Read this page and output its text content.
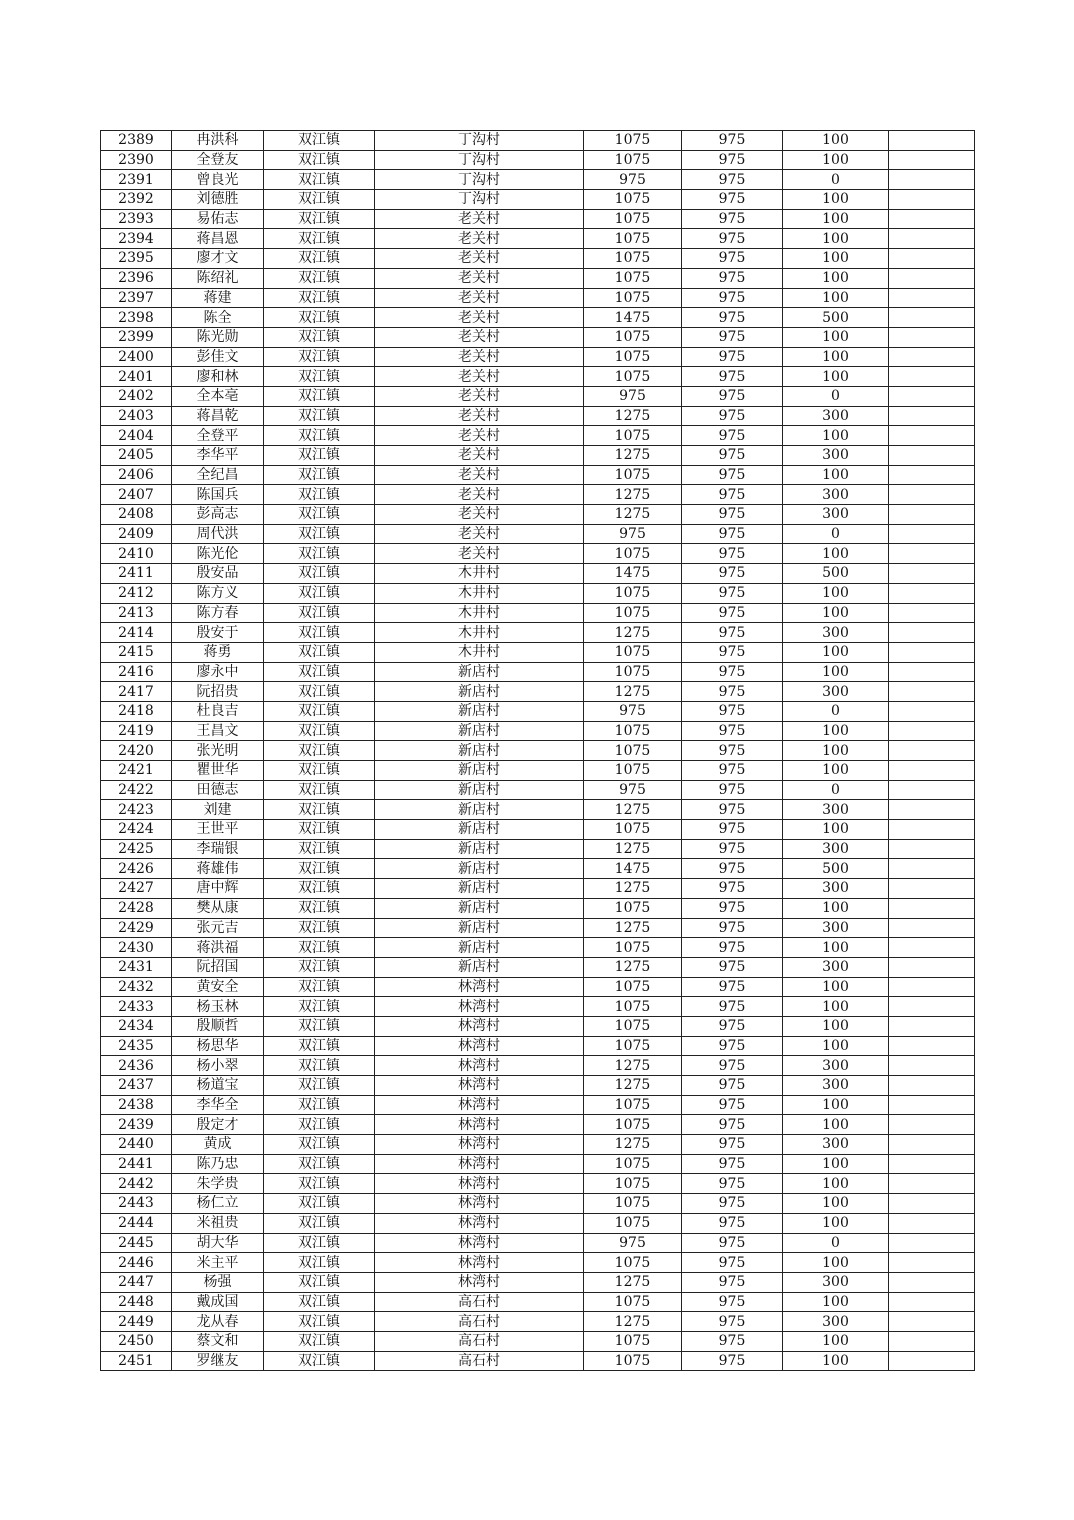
2389	冉洪科	双江镇	丁沟村	1075	975	100	
2390	全登友	双江镇	丁沟村	1075	975	100	
2391	曾良光	双江镇	丁沟村	975	975	0	
2392	刘德胜	双江镇	丁沟村	1075	975	100	
2393	易佑志	双江镇	老关村	1075	975	100	
2394	蒋昌恩	双江镇	老关村	1075	975	100	
2395	廖才文	双江镇	老关村	1075	975	100	
2396	陈绍礼	双江镇	老关村	1075	975	100	
2397	蒋建	双江镇	老关村	1075	975	100	
2398	陈全	双江镇	老关村	1475	975	500	
2399	陈光勋	双江镇	老关村	1075	975	100	
2400	彭佳文	双江镇	老关村	1075	975	100	
2401	廖和林	双江镇	老关村	1075	975	100	
2402	全本亳	双江镇	老关村	975	975	0	
2403	蒋昌乾	双江镇	老关村	1275	975	300	
2404	全登平	双江镇	老关村	1075	975	100	
2405	李华平	双江镇	老关村	1275	975	300	
2406	全纪昌	双江镇	老关村	1075	975	100	
2407	陈国兵	双江镇	老关村	1275	975	300	
2408	彭高志	双江镇	老关村	1275	975	300	
2409	周代洪	双江镇	老关村	975	975	0	
2410	陈光伦	双江镇	老关村	1075	975	100	
2411	殷安品	双江镇	木井村	1475	975	500	
2412	陈方义	双江镇	木井村	1075	975	100	
2413	陈方春	双江镇	木井村	1075	975	100	
2414	殷安于	双江镇	木井村	1275	975	300	
2415	蒋勇	双江镇	木井村	1075	975	100	
2416	廖永中	双江镇	新店村	1075	975	100	
2417	阮招贵	双江镇	新店村	1275	975	300	
2418	杜良吉	双江镇	新店村	975	975	0	
2419	王昌文	双江镇	新店村	1075	975	100	
2420	张光明	双江镇	新店村	1075	975	100	
2421	瞿世华	双江镇	新店村	1075	975	100	
2422	田德志	双江镇	新店村	975	975	0	
2423	刘建	双江镇	新店村	1275	975	300	
2424	王世平	双江镇	新店村	1075	975	100	
2425	李瑞银	双江镇	新店村	1275	975	300	
2426	蒋雄伟	双江镇	新店村	1475	975	500	
2427	唐中辉	双江镇	新店村	1275	975	300	
2428	樊从康	双江镇	新店村	1075	975	100	
2429	张元吉	双江镇	新店村	1275	975	300	
2430	蒋洪福	双江镇	新店村	1075	975	100	
2431	阮招国	双江镇	新店村	1275	975	300	
2432	黄安全	双江镇	林湾村	1075	975	100	
2433	杨玉林	双江镇	林湾村	1075	975	100	
2434	殷顺哲	双江镇	林湾村	1075	975	100	
2435	杨思华	双江镇	林湾村	1075	975	100	
2436	杨小翠	双江镇	林湾村	1275	975	300	
2437	杨道宝	双江镇	林湾村	1275	975	300	
2438	李华全	双江镇	林湾村	1075	975	100	
2439	殷定才	双江镇	林湾村	1075	975	100	
2440	黄成	双江镇	林湾村	1275	975	300	
2441	陈乃忠	双江镇	林湾村	1075	975	100	
2442	朱学贵	双江镇	林湾村	1075	975	100	
2443	杨仁立	双江镇	林湾村	1075	975	100	
2444	米祖贵	双江镇	林湾村	1075	975	100	
2445	胡大华	双江镇	林湾村	975	975	0	
2446	米主平	双江镇	林湾村	1075	975	100	
2447	杨强	双江镇	林湾村	1275	975	300	
2448	戴成国	双江镇	高石村	1075	975	100	
2449	龙从春	双江镇	高石村	1275	975	300	
2450	蔡文和	双江镇	高石村	1075	975	100	
2451	罗继友	双江镇	高石村	1075	975	100	
